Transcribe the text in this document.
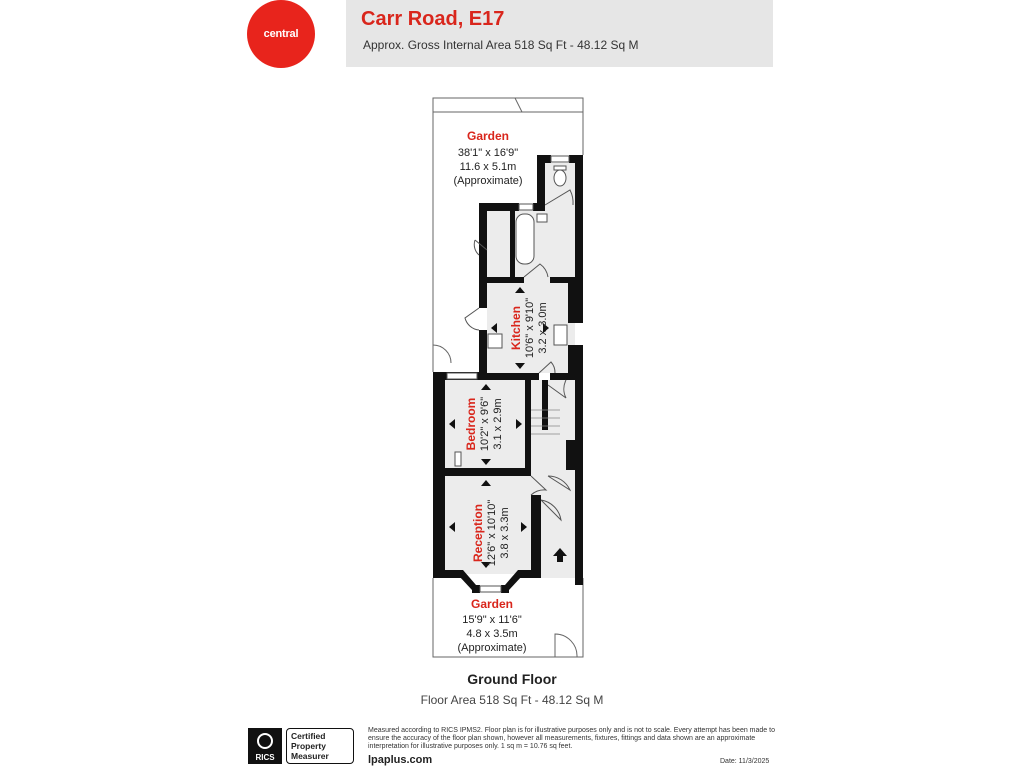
central
Carr Road, E17
Approx. Gross Internal Area 518 Sq Ft - 48.12 Sq M
Garden
38'1" x 16'9"
11.6 x 5.1m
(Approximate)
Kitchen 10'6" x 9'10" 3.2 x 3.0m
Bedroom 10'2" x 9'6" 3.1 x 2.9m
Reception 12'6" x 10'10" 3.8 x 3.3m
Garden
15'9" x 11'6"
4.8 x 3.5m
(Approximate)
Ground Floor
Floor Area 518 Sq Ft - 48.12 Sq M
RICS
Certified
Property
Measurer
Measured according to RICS IPMS2. Floor plan is for illustrative purposes only and is not to scale. Every attempt has been made to ensure the accuracy of the floor plan shown, however all measurements, fixtures, fittings and data shown are an approximate interpretation for illustrative purposes only. 1 sq m = 10.76 sq feet.
lpaplus.com	Date: 11/3/2025
